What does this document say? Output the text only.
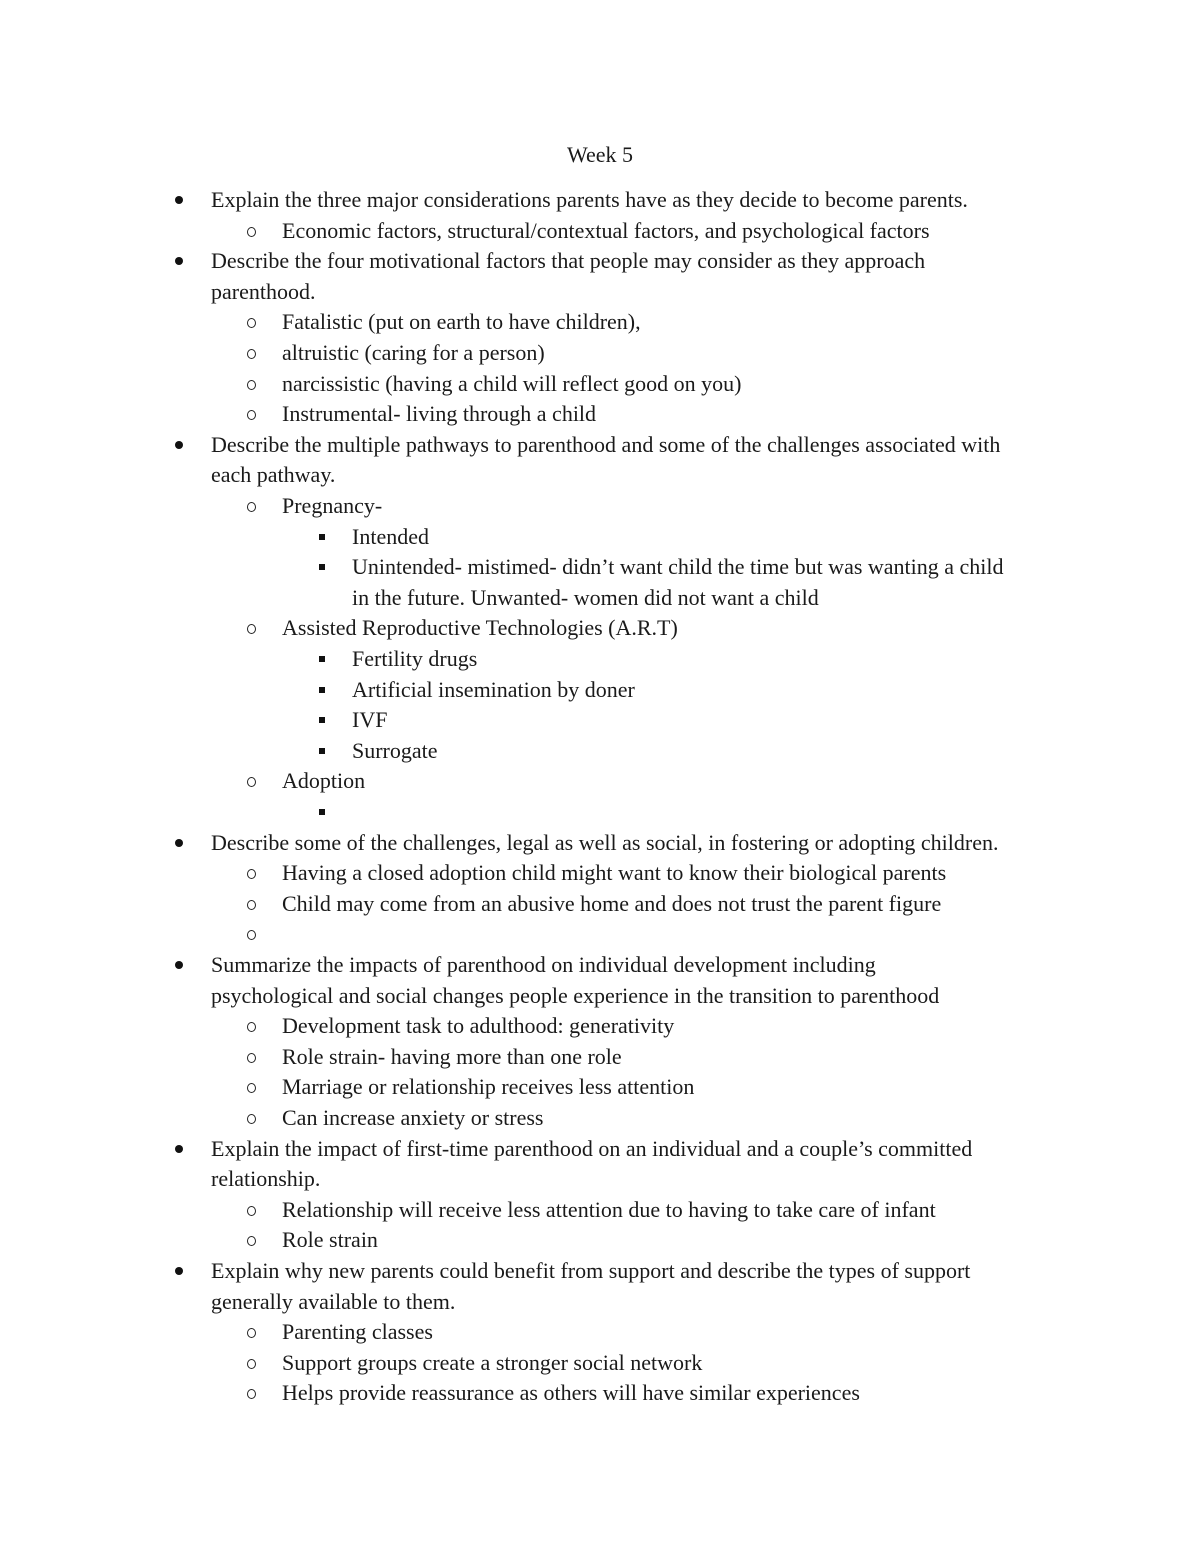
Week 5
Explain the three major considerations parents have as they decide to become parents.
Economic factors, structural/contextual factors, and psychological factors
Describe the four motivational factors that people may consider as they approach
parenthood.
Fatalistic (put on earth to have children),
altruistic (caring for a person)
narcissistic (having a child will reflect good on you)
Instrumental- living through a child
Describe the multiple pathways to parenthood and some of the challenges associated with
each pathway.
Pregnancy-
Intended
Unintended- mistimed- didn’t want child the time but was wanting a child
in the future. Unwanted- women did not want a child
Assisted Reproductive Technologies (A.R.T)
Fertility drugs
Artificial insemination by doner
IVF
Surrogate
Adoption
Describe some of the challenges, legal as well as social, in fostering or adopting children.
Having a closed adoption child might want to know their biological parents
Child may come from an abusive home and does not trust the parent figure
Summarize the impacts of parenthood on individual development including
psychological and social changes people experience in the transition to parenthood
Development task to adulthood: generativity
Role strain- having more than one role
Marriage or relationship receives less attention
Can increase anxiety or stress
Explain the impact of first-time parenthood on an individual and a couple’s committed
relationship.
Relationship will receive less attention due to having to take care of infant
Role strain
Explain why new parents could benefit from support and describe the types of support
generally available to them.
Parenting classes
Support groups create a stronger social network
Helps provide reassurance as others will have similar experiences
